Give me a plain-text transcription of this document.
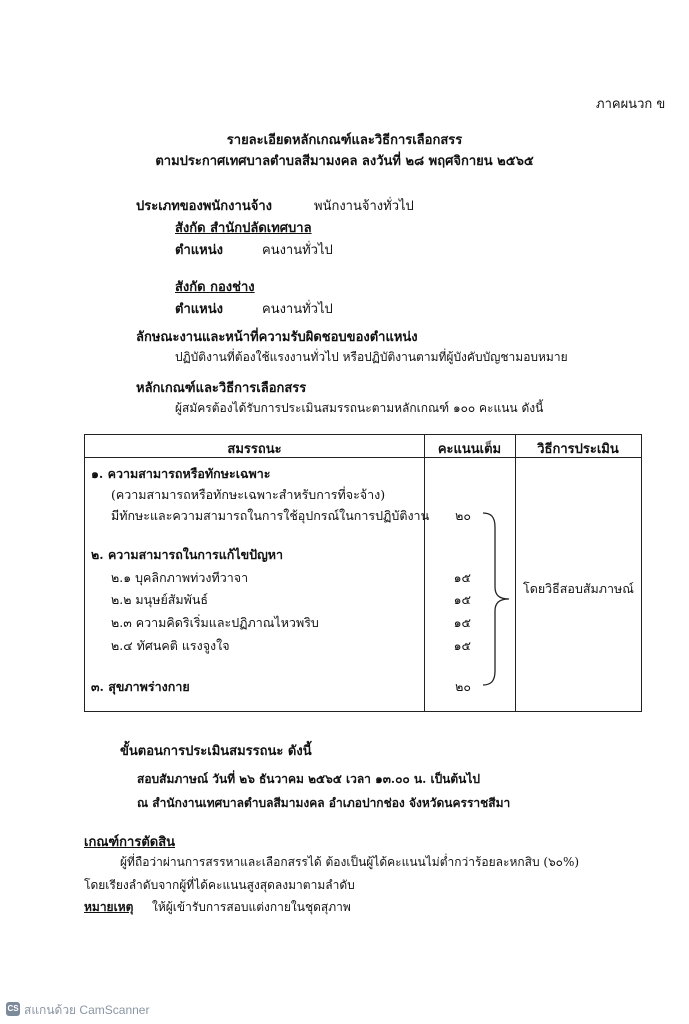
ภาคผนวก ข
รายละเอียดหลักเกณฑ์และวิธีการเลือกสรร
ตามประกาศเทศบาลตำบลสีมามงคล ลงวันที่ ๒๘ พฤศจิกายน ๒๕๖๕
ประเภทของพนักงานจ้าง	พนักงานจ้างทั่วไป
สังกัด สำนักปลัดเทศบาล
ตำแหน่ง	คนงานทั่วไป
สังกัด กองช่าง
ตำแหน่ง	คนงานทั่วไป
ลักษณะงานและหน้าที่ความรับผิดชอบของตำแหน่ง
ปฏิบัติงานที่ต้องใช้แรงงานทั่วไป หรือปฏิบัติงานตามที่ผู้บังคับบัญชามอบหมาย
หลักเกณฑ์และวิธีการเลือกสรร
ผู้สมัครต้องได้รับการประเมินสมรรถนะตามหลักเกณฑ์ ๑๐๐ คะแนน ดังนี้
สมรรถนะ	คะแนนเต็ม	วิธีการประเมิน
๑. ความสามารถหรือทักษะเฉพาะ
(ความสามารถหรือทักษะเฉพาะสำหรับการที่จะจ้าง)
มีทักษะและความสามารถในการใช้อุปกรณ์ในการปฏิบัติงาน	๒๐
๒. ความสามารถในการแก้ไขปัญหา
๒.๑ บุคลิกภาพท่วงทีวาจา	๑๕
๒.๒ มนุษย์สัมพันธ์	๑๕
๒.๓ ความคิดริเริ่มและปฏิภาณไหวพริบ	๑๕
๒.๔ ทัศนคติ แรงจูงใจ	๑๕
๓. สุขภาพร่างกาย	๒๐
โดยวิธีสอบสัมภาษณ์
ขั้นตอนการประเมินสมรรถนะ ดังนี้
สอบสัมภาษณ์ วันที่ ๒๖ ธันวาคม ๒๕๖๕ เวลา ๑๓.๐๐ น. เป็นต้นไป
ณ สำนักงานเทศบาลตำบลสีมามงคล อำเภอปากช่อง จังหวัดนครราชสีมา
เกณฑ์การตัดสิน
ผู้ที่ถือว่าผ่านการสรรหาและเลือกสรรได้ ต้องเป็นผู้ได้คะแนนไม่ต่ำกว่าร้อยละหกสิบ (๖๐%)
โดยเรียงลำดับจากผู้ที่ได้คะแนนสูงสุดลงมาตามลำดับ
หมายเหตุ ให้ผู้เข้ารับการสอบแต่งกายในชุดสุภาพ
CS สแกนด้วย CamScanner
